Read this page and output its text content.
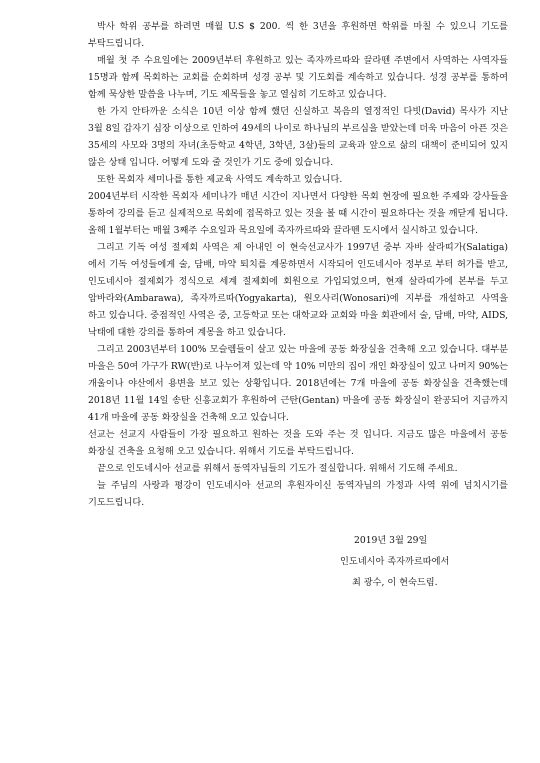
박사 학위 공부를 하려면 매월 U.S $ 200. 씩 한 3년을 후원하면 학위를 마칠 수 있으니 기도를 부탁드립니다.

매월 첫 주 수요일에는 2009년부터 후원하고 있는 족자까르따와 끌라뗀 주변에서 사역하는 사역자들 15명과 함께 목회하는 교회를 순회하며 성경 공부 및 기도회를 계속하고 있습니다. 성경 공부를 통하여 함께 묵상한 말씀을 나누며, 기도 제목들을 놓고 열심히 기도하고 있습니다.

한 가지 안타까운 소식은 10년 이상 함께 했던 신실하고 복음의 열정적인 다빗(David) 목사가 지난 3월 8일 갑자기 심장 이상으로 인하여 49세의 나이로 하나님의 부르심을 받았는데 더욱 마음이 아픈 것은 35세의 사모와 3명의 자녀(초등학교 4학년, 3학년, 3살)들의 교육과 앞으로 삶의 대책이 준비되어 있지 않은 상태 입니다. 어떻게 도와 줄 것인가 기도 중에 있습니다.

또한 목회자 세미나를 통한 제교육 사역도 계속하고 있습니다.

2004년부터 시작한 목회자 세미나가 매년 시간이 지나면서 다양한 목회 현장에 필요한 주제와 강사들을 통하여 강의를 듣고 실제적으로 목회에 접목하고 있는 것을 볼 때 시간이 필요하다는 것을 깨닫게 됩니다. 올해 1월부터는 매월 3째주 수요일과 목요일에 족자까르따와 끌라뗀 도시에서 실시하고 있습니다.

그리고 기독 여성 절제회 사역은 제 아내인 이 현숙선교사가 1997년 중부 자바 살라띠가(Salatiga)에서 기독 여성들에게 술, 담배, 마약 퇴치를 계몽하면서 시작되어 인도네시아 정부로 부터 허가를 받고, 인도네시아 절제회가 정식으로 세계 절제회에 회원으로 가입되었으며, 현재 살라띠가에 본부를 두고 암바라와(Ambarawa), 족자까르따(Yogyakarta), 원오사리(Wonosari)에 지부를 개설하고 사역을 하고 있습니다. 중점적인 사역은 중, 고등학교 또는 대학교와 교회와 마을 회관에서 술, 담배, 마약, AIDS, 낙태에 대한 강의를 통하여 계몽을 하고 있습니다.

그리고 2003년부터 100% 모슬렘들이 살고 있는 마을에 공동 화장실을 건축해 오고 있습니다. 대부분 마을은 50여 가구가 RW(반)로 나누어져 있는데 약 10% 미만의 집이 개인 화장실이 있고 나머지 90%는 개울이나 야산에서 용변을 보고 있는 상황입니다. 2018년에는 7개 마을에 공동 화장실을 건축했는데 2018년 11월 14일 송탄 신흥교회가 후원하여 근탄(Gentan) 마을에 공동 화장실이 완공되어 지금까지 41개 마을에 공동 화장실을 건축해 오고 있습니다.

선교는 선교지 사람들이 가장 필요하고 원하는 것을 도와 주는 것 입니다. 지금도 많은 마을에서 공동 화장실 건축을 요청해 오고 있습니다. 위해서 기도를 부탁드립니다.

끝으로 인도네시아 선교를 위해서 동역자님들의 기도가 절실합니다. 위해서 기도해 주세요.

늘 주님의 사랑과 평강이 인도네시아 선교의 후원자이신 동역자님의 가정과 사역 위에 넘치시기를 기도드립니다.

2019년 3월 29일
인도네시아 족자까르따에서
최 광수, 이 현숙드림.
